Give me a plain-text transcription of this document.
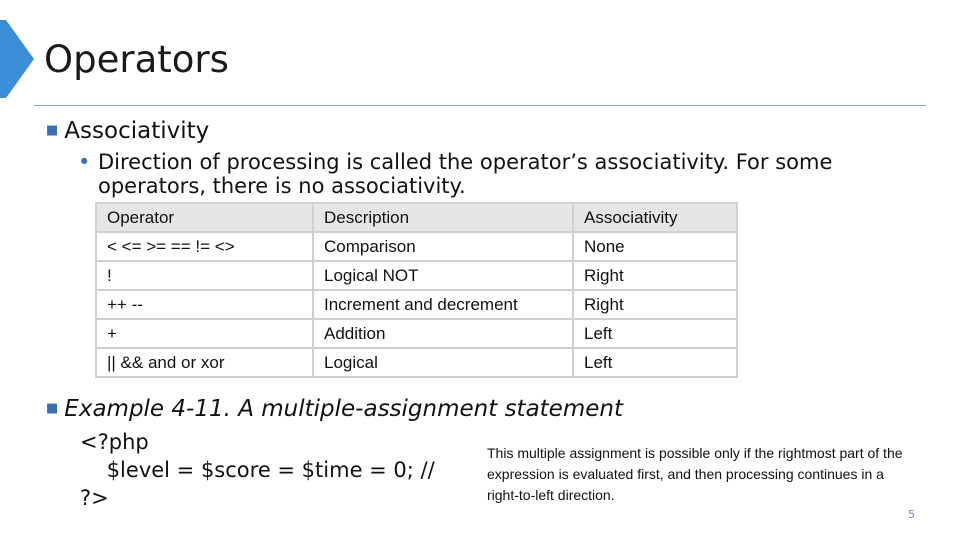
Operators
■ Associativity
• Direction of processing is called the operator’s associativity. For some operators, there is no associativity.
Operator	Description	Associativity
< <= >= == != <>	Comparison	None
!	Logical NOT	Right
++ --	Increment and decrement	Right
+	Addition	Left
|| && and or xor	Logical	Left
■ Example 4-11. A multiple-assignment statement
<?php
$level = $score = $time = 0; //
?>
This multiple assignment is possible only if the rightmost part of the expression is evaluated first, and then processing continues in a right-to-left direction.
5
